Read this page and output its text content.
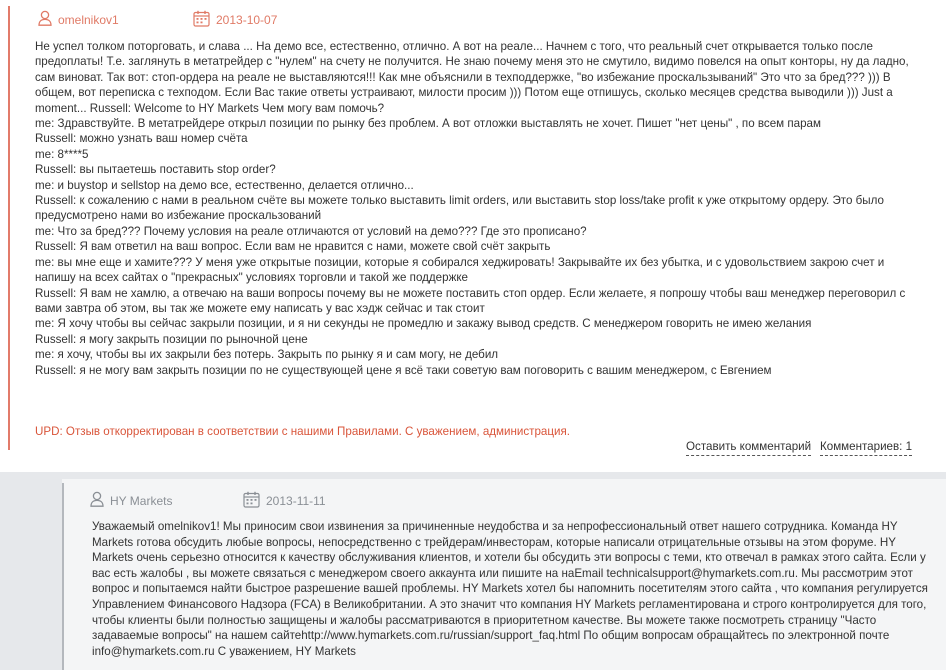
omelnikov1	2013-10-07

Не успел толком поторговать, и слава ... На демо все, естественно, отлично. А вот на реале... Начнем с того, что реальный счет открывается только после предоплаты! Т.е. заглянуть в метатрейдер с "нулем" на счету не получится. Не знаю почему меня это не смутило, видимо повелся на опыт конторы, ну да ладно, сам виноват. Так вот: стоп-ордера на реале не выставляются!!! Как мне объяснили в техподдержке, "во избежание проскальзываний" Это что за бред??? ))) В общем, вот переписка с техподом. Если Вас такие ответы устраивают, милости просим ))) Потом еще отпишусь, сколько месяцев средства выводили ))) Just a moment... Russell: Welcome to HY Markets Чем могу вам помочь?

me: Здравствуйте. В метатрейдере открыл позиции по рынку без проблем. А вот отложки выставлять не хочет. Пишет "нет цены" , по всем парам

Russell: можно узнать ваш номер счёта

me: 8****5

Russell: вы пытаетешь поставить stop order?

me: и buystop и sellstop на демо все, естественно, делается отлично...

Russell: к сожалению с нами в реальном счёте вы можете только выставить limit orders, или выставить stop loss/take profit к уже открытому ордеру. Это было предусмотрено нами во избежание проскальзований

me: Что за бред??? Почему условия на реале отличаются от условий на демо??? Где это прописано?

Russell: Я вам ответил на ваш вопрос. Если вам не нравится с нами, можете свой счёт закрыть

me: вы мне еще и хамите??? У меня уже открытые позиции, которые я собирался хеджировать! Закрывайте их без убытка, и с удовольствием закрою счет и напишу на всех сайтах о "прекрасных" условиях торговли и такой же поддержке

Russell: Я вам не хамлю, а отвечаю на ваши вопросы почему вы не можете поставить стоп ордер. Если желаете, я попрошу чтобы ваш менеджер переговорил с вами завтра об этом, вы так же можете ему написать у вас хэдж сейчас и так стоит

me: Я хочу чтобы вы сейчас закрыли позиции, и я ни секунды не промедлю и закажу вывод средств. С менеджером говорить не имею желания

Russell: я могу закрыть позиции по рыночной цене

me: я хочу, чтобы вы их закрыли без потерь. Закрыть по рынку я и сам могу, не дебил

Russell: я не могу вам закрыть позиции по не существующей цене я всё таки советую вам поговорить с вашим менеджером, с Евгением

UPD: Отзыв откорректирован в соответствии с нашими Правилами. С уважением, администрация.
Оставить комментарий Комментариев: 1
HY Markets	2013-11-11
Уважаемый omelnikov1! Мы приносим свои извинения за причиненные неудобства и за непрофессиональный ответ нашего сотрудника. Команда HY Markets готова обсудить любые вопросы, непосредственно с трейдерам/инвесторам, которые написали отрицательные отзывы на этом форуме. HY Markets очень серьезно относится к качеству обслуживания клиентов, и хотели бы обсудить эти вопросы с теми, кто отвечал в рамках этого сайта. Если у вас есть жалобы , вы можете связаться с менеджером своего аккаунта или пишите на наEmail technicalsupport@hymarkets.com.ru. Мы рассмотрим этот вопрос и попытаемся найти быстрое разрешение вашей проблемы. HY Markets хотел бы напомнить посетителям этого сайта , что компания регулируется Управлением Финансового Надзора (FCA) в Великобритании. А это значит что компания HY Markets регламентирована и строго контролируется для того, чтобы клиенты были полностью защищены и жалобы рассматриваются в приоритетном качестве. Вы можете также посмотреть страницу "Часто задаваемые вопросы" на нашем сайтеhttp://www.hymarkets.com.ru/russian/support_faq.html По общим вопросам обращайтесь по электронной почте info@hymarkets.com.ru С уважением, HY Markets
